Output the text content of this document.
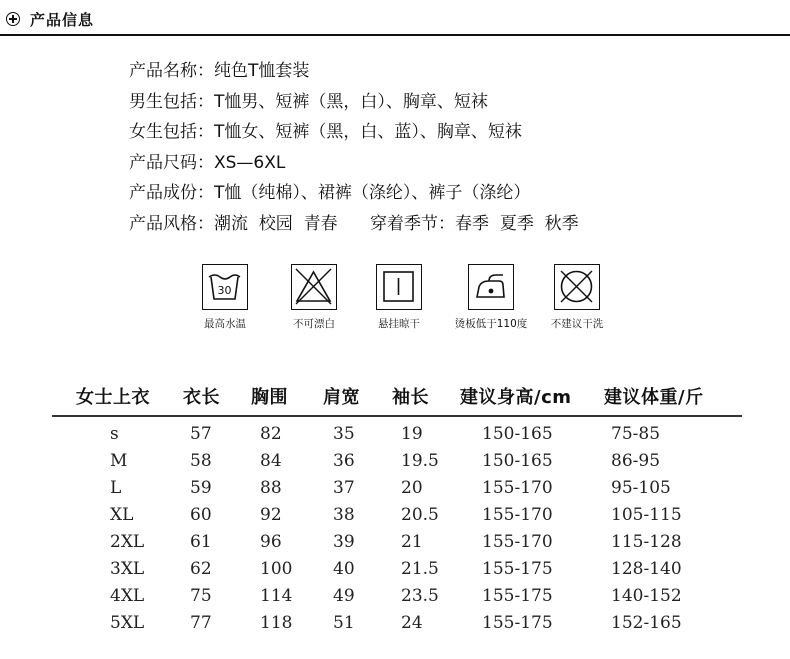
产品信息
产品名称：纯色T恤套装
男生包括：T恤男、短裤（黑，白）、胸章、短袜
女生包括：T恤女、短裤（黑，白、蓝）、胸章、短袜
产品尺码：XS—6XL
产品成份：T恤（纯棉）、裙裤（涤纶）、裤子（涤纶）
产品风格：潮流  校园  青春      穿着季节：春季  夏季  秋季
30
最高水温	不可漂白	悬挂晾干	烫板低于110度	不建议干洗
女士上衣 衣长 胸围 肩宽 袖长 建议身高/cm 建议体重/斤
s	57	82	35	19	150-165	75-85
M	58	84	36	19.5	150-165	86-95
L	59	88	37	20	155-170	95-105
XL	60	92	38	20.5	155-170	105-115
2XL	61	96	39	21	155-170	115-128
3XL	62	100 40	21.5	155-175	128-140
4XL	75	114 49	23.5	155-175	140-152
5XL	77	118 51	24	155-175	152-165
